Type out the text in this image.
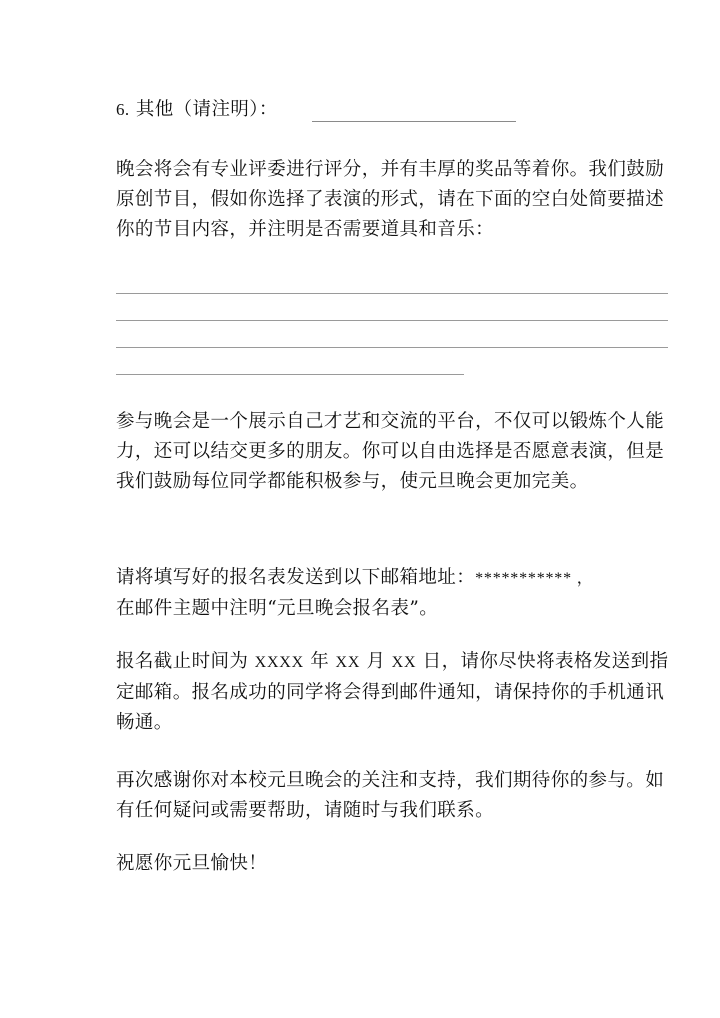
6. 其他（请注明）：
晚会将会有专业评委进行评分，并有丰厚的奖品等着你。我们鼓励原创节目，假如你选择了表演的形式，请在下面的空白处简要描述你的节目内容，并注明是否需要道具和音乐：
参与晚会是一个展示自己才艺和交流的平台，不仅可以锻炼个人能力，还可以结交更多的朋友。你可以自由选择是否愿意表演，但是我们鼓励每位同学都能积极参与，使元旦晚会更加完美。
请将填写好的报名表发送到以下邮箱地址：*********** ，
在邮件主题中注明“元旦晚会报名表”。
报名截止时间为 XXXX 年 XX 月 XX 日，请你尽快将表格发送到指定邮箱。报名成功的同学将会得到邮件通知，请保持你的手机通讯畅通。
再次感谢你对本校元旦晚会的关注和支持，我们期待你的参与。如有任何疑问或需要帮助，请随时与我们联系。
祝愿你元旦愉快！
